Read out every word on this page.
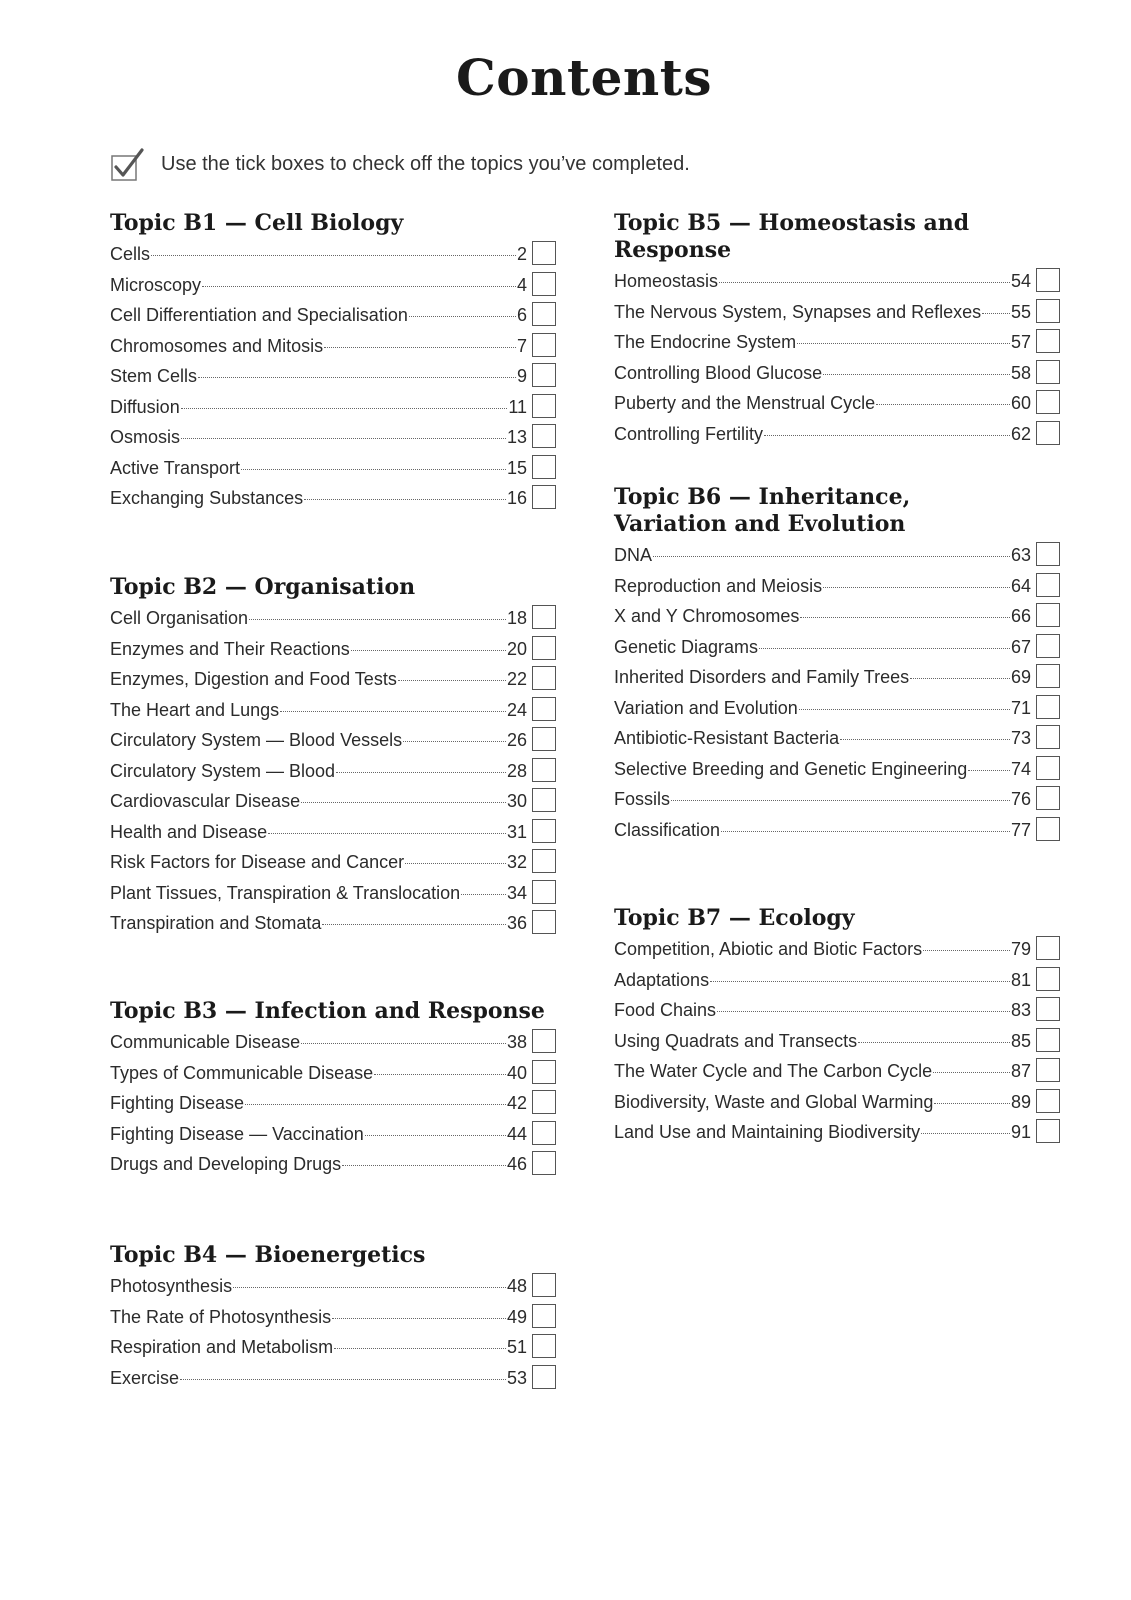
Contents
Use the tick boxes to check off the topics you’ve completed.
Topic B1 — Cell Biology
Cells	2
Microscopy	4
Cell Differentiation and Specialisation	6
Chromosomes and Mitosis	7
Stem Cells	9
Diffusion	11
Osmosis	13
Active Transport	15
Exchanging Substances	16
Topic B2 — Organisation
Cell Organisation	18
Enzymes and Their Reactions	20
Enzymes, Digestion and Food Tests	22
The Heart and Lungs	24
Circulatory System — Blood Vessels	26
Circulatory System — Blood	28
Cardiovascular Disease	30
Health and Disease	31
Risk Factors for Disease and Cancer	32
Plant Tissues, Transpiration & Translocation	34
Transpiration and Stomata	36
Topic B3 — Infection and Response
Communicable Disease	38
Types of Communicable Disease	40
Fighting Disease	42
Fighting Disease — Vaccination	44
Drugs and Developing Drugs	46
Topic B4 — Bioenergetics
Photosynthesis	48
The Rate of Photosynthesis	49
Respiration and Metabolism	51
Exercise	53
Topic B5 — Homeostasis and Response
Homeostasis	54
The Nervous System, Synapses and Reflexes 55
The Endocrine System	57
Controlling Blood Glucose	58
Puberty and the Menstrual Cycle	60
Controlling Fertility	62
Topic B6 — Inheritance, Variation and Evolution
DNA	63
Reproduction and Meiosis	64
X and Y Chromosomes	66
Genetic Diagrams	67
Inherited Disorders and Family Trees	69
Variation and Evolution	71
Antibiotic-Resistant Bacteria	73
Selective Breeding and Genetic Engineering 74
Fossils	76
Classification	77
Topic B7 — Ecology
Competition, Abiotic and Biotic Factors	79
Adaptations	81
Food Chains	83
Using Quadrats and Transects	85
The Water Cycle and The Carbon Cycle	87
Biodiversity, Waste and Global Warming	89
Land Use and Maintaining Biodiversity	91
